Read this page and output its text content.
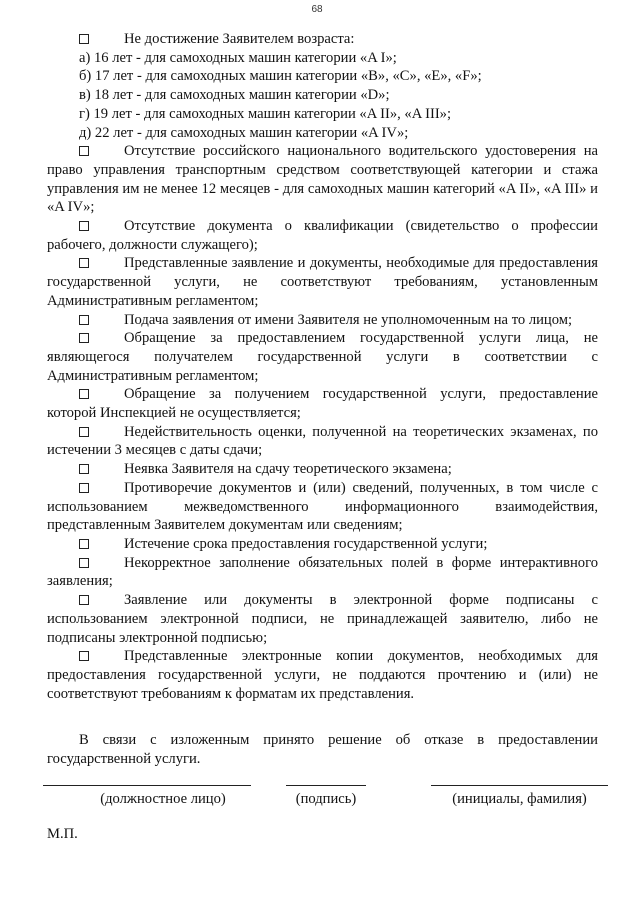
68

Не достижение Заявителем возраста:

а) 16 лет - для самоходных машин категории «A I»;

б) 17 лет - для самоходных машин категории «B», «C», «E», «F»;

в) 18 лет - для самоходных машин категории «D»;

г) 19 лет - для самоходных машин категории «A II», «A III»;

д) 22 лет - для самоходных машин категории «A IV»;

Отсутствие российского национального водительского удостоверения на право управления транспортным средством соответствующей категории и стажа управления им не менее 12 месяцев - для самоходных машин категорий «A II», «A III» и «A IV»;

Отсутствие документа о квалификации (свидетельство о профессии рабочего, должности служащего);

Представленные заявление и документы, необходимые для предоставления государственной услуги, не соответствуют требованиям, установленным Административным регламентом;

Подача заявления от имени Заявителя не уполномоченным на то лицом;

Обращение за предоставлением государственной услуги лица, не являющегося получателем государственной услуги в соответствии с Административным регламентом;

Обращение за получением государственной услуги, предоставление которой Инспекцией не осуществляется;

Недействительность оценки, полученной на теоретических экзаменах, по истечении 3 месяцев с даты сдачи;

Неявка Заявителя на сдачу теоретического экзамена;

Противоречие документов и (или) сведений, полученных, в том числе с использованием межведомственного информационного взаимодействия, представленным Заявителем документам или сведениям;

Истечение срока предоставления государственной услуги;

Некорректное заполнение обязательных полей в форме интерактивного заявления;

Заявление или документы в электронной форме подписаны с использованием электронной подписи, не принадлежащей заявителю, либо не подписаны электронной подписью;

Представленные электронные копии документов, необходимых для предоставления государственной услуги, не поддаются прочтению и (или) не соответствуют требованиям к форматам их представления.

В связи с изложенным принято решение об отказе в предоставлении государственной услуги.

(должностное лицо)	(подпись)	(инициалы, фамилия)
М.П.
